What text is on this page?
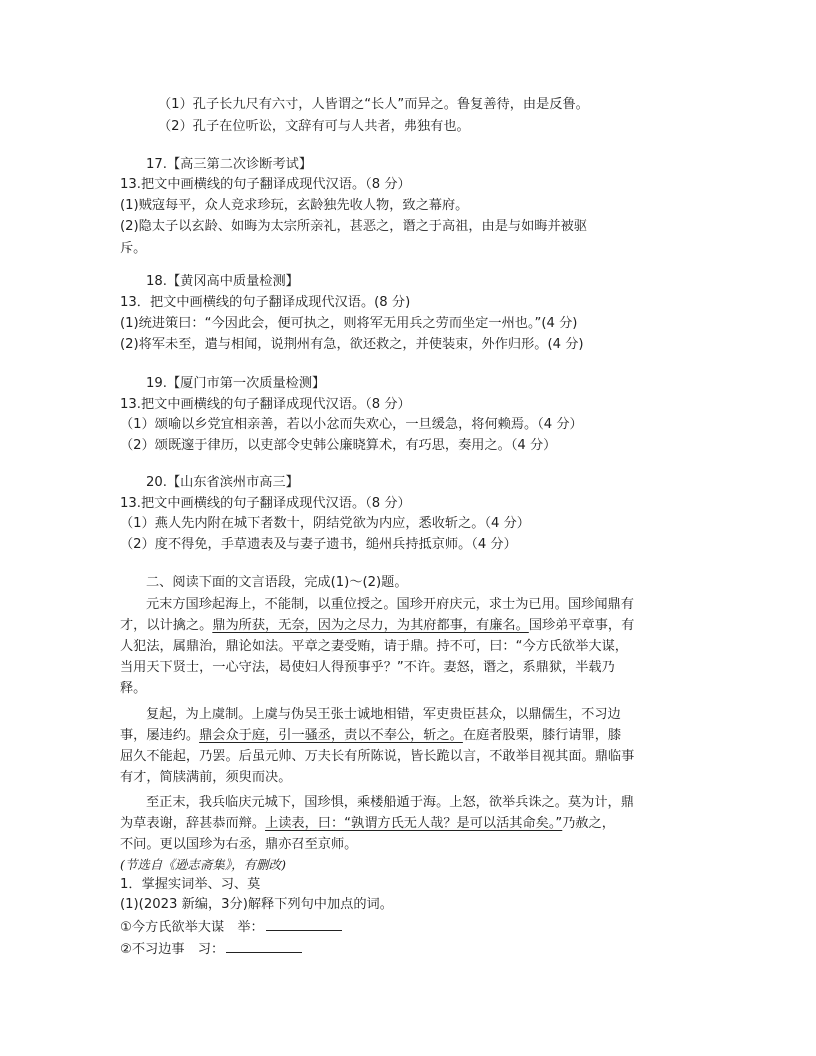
（1）孔子长九尺有六寸，人皆谓之“长人”而异之。鲁复善待，由是反鲁。
（2）孔子在位听讼，文辞有可与人共者，弗独有也。
17.【高三第二次诊断考试】
13.把文中画横线的句子翻译成现代汉语。（8 分）
(1)贼寇每平，众人竞求珍玩，玄龄独先收人物，致之幕府。
(2)隐太子以玄龄、如晦为太宗所亲礼，甚恶之，谮之于高祖，由是与如晦并被驱
斥。
18.【黄冈高中质量检测】
13．把文中画横线的句子翻译成现代汉语。(8 分)
(1)统进策曰：“今因此会，便可执之，则将军无用兵之劳而坐定一州也。”(4 分)
(2)将军未至，遣与相闻，说荆州有急，欲还救之，并使装束，外作归形。(4 分)
19.【厦门市第一次质量检测】
13.把文中画横线的句子翻译成现代汉语。（8 分）
（1）颂喻以乡党宜相亲善，若以小忿而失欢心，一旦缓急，将何赖焉。（4 分）
（2）颂既邃于律历，以吏部令史韩公廉晓算术，有巧思，奏用之。（4 分）
20.【山东省滨州市高三】
13.把文中画横线的句子翻译成现代汉语。（8 分）
（1）燕人先内附在城下者数十，阴结党欲为内应，悉收斩之。（4 分）
（2）度不得免，手草遗表及与妻子遗书，缒州兵持抵京师。（4 分）
二、阅读下面的文言语段，完成(1)～(2)题。
元末方国珍起海上，不能制，以重位授之。国珍开府庆元，求士为已用。国珍闻鼎有
才，以计擒之。鼎为所获，无奈，因为之尽力，为其府都事，有廉名。国珍弟平章事，有
人犯法，属鼎治，鼎论如法。平章之妻受贿，请于鼎。持不可，曰：“今方氏欲举大谋，
当用天下贤士，一心守法，曷使妇人得预事乎？”不许。妻怒，谮之，系鼎狱，半载乃
释。
复起，为上虞制。上虞与伪吴王张士诚地相错，军吏贵臣甚众，以鼎儒生，不习边
事，屡违约。鼎会众于庭，引一骚丞，责以不奉公，斩之。在庭者股栗，膝行请罪，膝
屈久不能起，乃罢。后虽元帅、万夫长有所陈说，皆长跪以言，不敢举目视其面。鼎临事
有才，简牍满前，须臾而决。
至正末，我兵临庆元城下，国珍惧，乘楼船遁于海。上怒，欲举兵诛之。莫为计，鼎
为草表谢，辞甚恭而辩。上读表，曰：“孰谓方氏无人哉？是可以活其命矣。”乃赦之，
不问。更以国珍为右丞，鼎亦召至京师。
(节选自《逊志斋集》，有删改)
1．掌握实词举、习、莫
(1)(2023 新编，3分)解释下列句中加点的词。
①今方氏欲举大谋　举：
②不习边事　习：
